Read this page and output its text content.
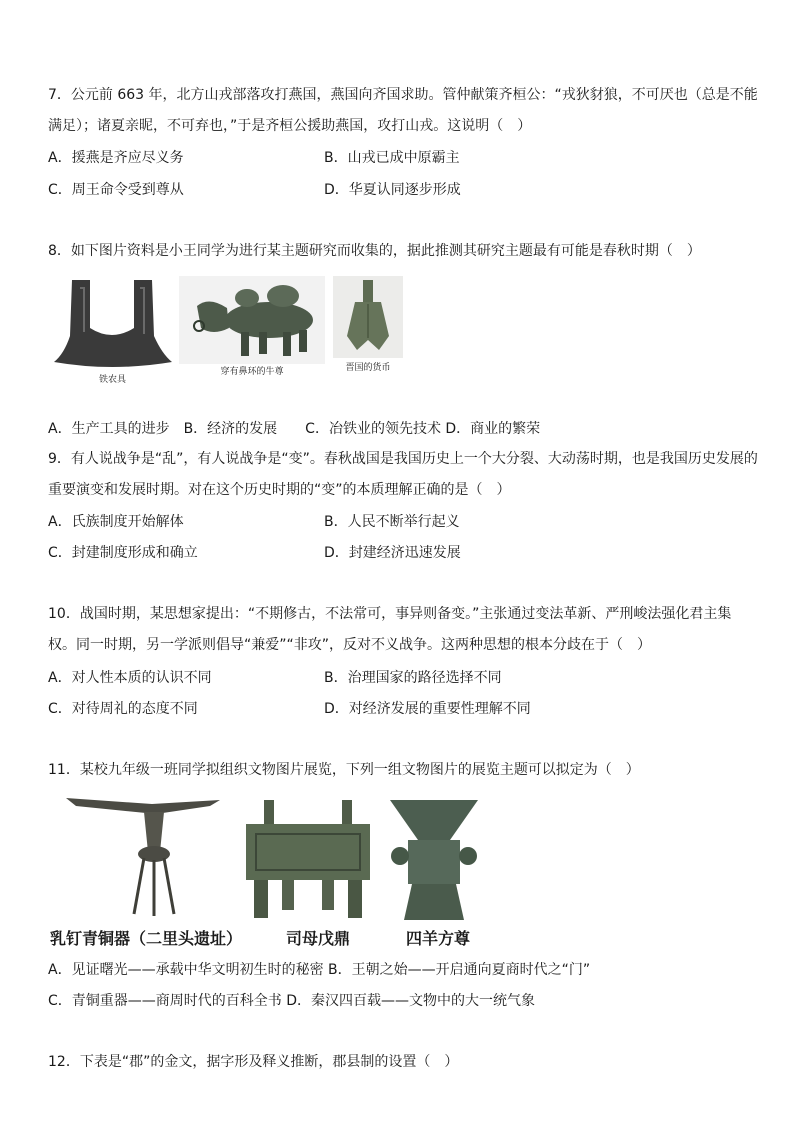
7．公元前 663 年，北方山戎部落攻打燕国，燕国向齐国求助。管仲献策齐桓公：“戎狄豺狼，不可厌也（总是不能满足）；诸夏亲昵，不可弃也，”于是齐桓公援助燕国，攻打山戎。这说明（　）
A．援燕是齐应尽义务	B．山戎已成中原霸主
C．周王命令受到尊从	D．华夏认同逐步形成
8．如下图片资料是小王同学为进行某主题研究而收集的，据此推测其研究主题最有可能是春秋时期（　）
铁农具
穿有鼻环的牛尊	晋国的货币
A．生产工具的进步　B．经济的发展　　C．冶铁业的领先技术 D．商业的繁荣
9．有人说战争是“乱”，有人说战争是“变”。春秋战国是我国历史上一个大分裂、大动荡时期，也是我国历史发展的重要演变和发展时期。对在这个历史时期的“变”的本质理解正确的是（　）
A．氏族制度开始解体	B．人民不断举行起义
C．封建制度形成和确立	D．封建经济迅速发展
10．战国时期，某思想家提出：“不期修古，不法常可，事异则备变。”主张通过变法革新、严刑峻法强化君主集权。同一时期，另一学派则倡导“兼爱”“非攻”，反对不义战争。这两种思想的根本分歧在于（　）
A．对人性本质的认识不同	B．治理国家的路径选择不同
C．对待周礼的态度不同	D．对经济发展的重要性理解不同
11．某校九年级一班同学拟组织文物图片展览，下列一组文物图片的展览主题可以拟定为（　）
乳钉青铜器（二里头遗址）	司母戊鼎	四羊方尊
A．见证曙光——承载中华文明初生时的秘密 B．王朝之始——开启通向夏商时代之“门”
C．青铜重器——商周时代的百科全书 D．秦汉四百载——文物中的大一统气象
12．下表是“郡”的金文，据字形及释义推断，郡县制的设置（　）
